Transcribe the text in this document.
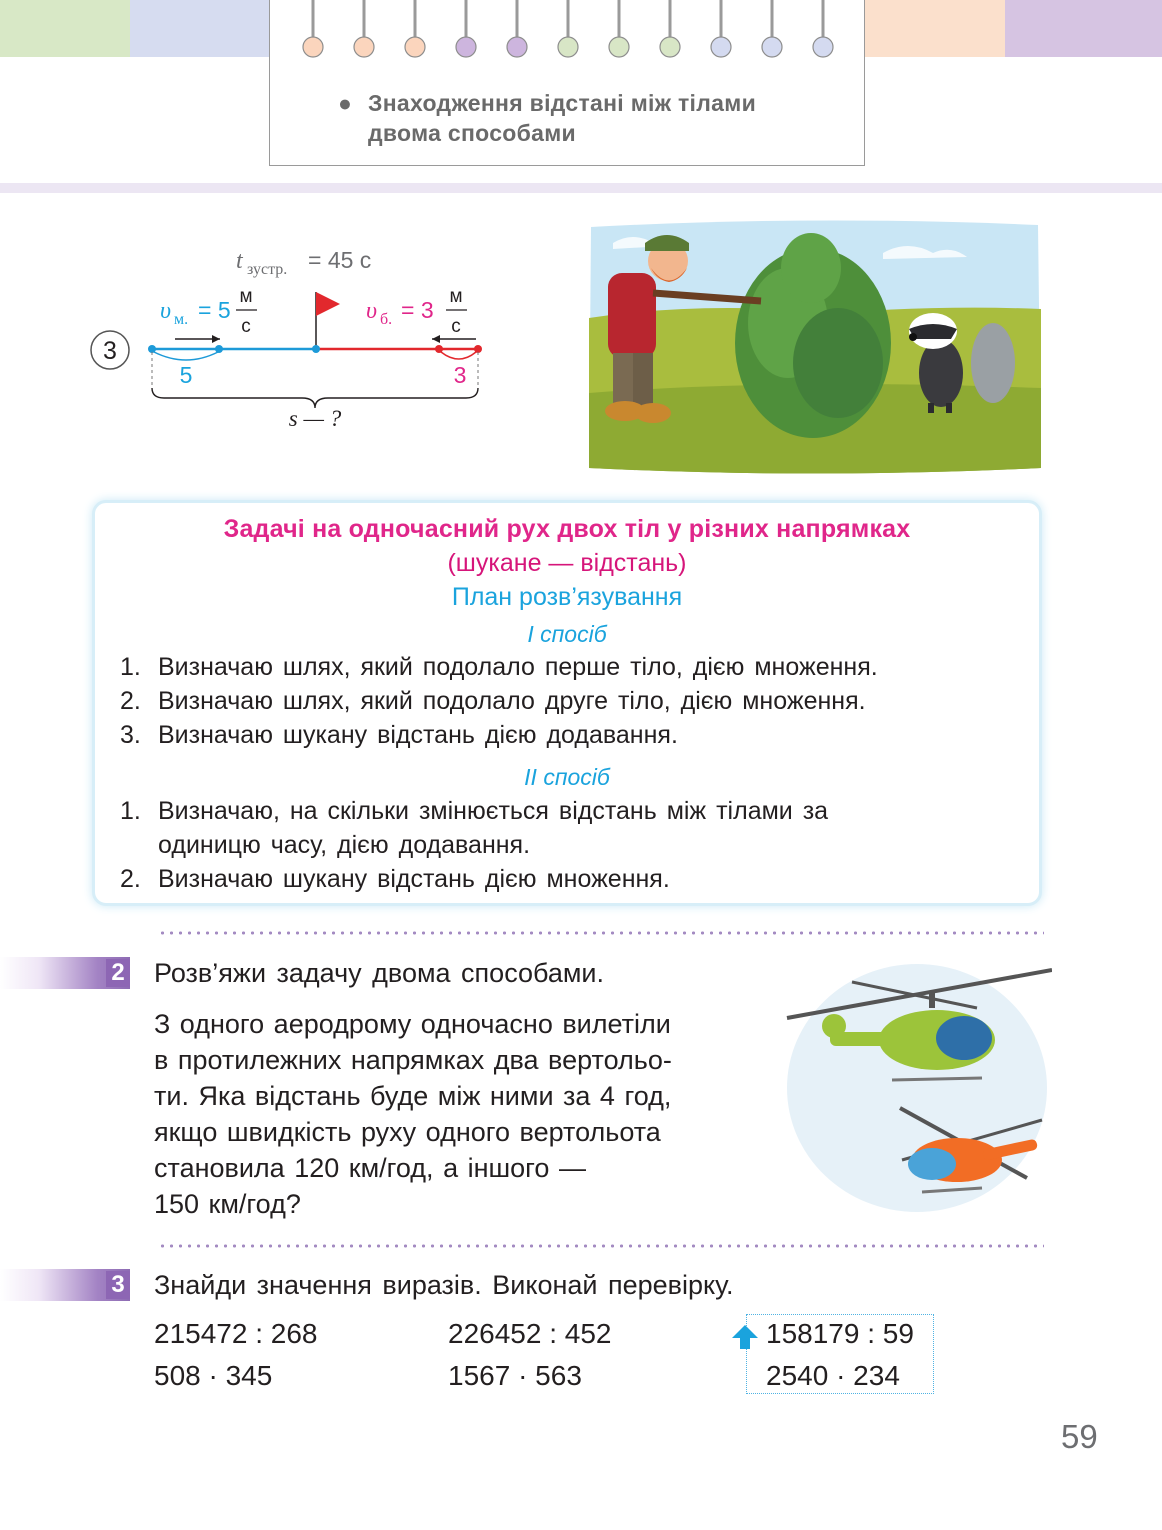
● Знаходження відстані між тілами
двома способами
3
t зустр. = 45 с
υ м. = 5
м
с
υ б. = 3
м
с
5	3
s — ?
Задачі на одночасний рух двох тіл у різних напрямках
(шукане — відстань)
План розв’язування
I спосіб
1. Визначаю шлях, який подолало перше тіло, дією множення.
2. Визначаю шлях, який подолало друге тіло, дією множення.
3. Визначаю шукану відстань дією додавання.
II спосіб
1. Визначаю, на скільки змінюється відстань між тілами за
одиницю часу, дією додавання.
2. Визначаю шукану відстань дією множення.
2 Розв’яжи задачу двома способами.
З одного аеродрому одночасно вилетіли
в протилежних напрямках два вертольо-
ти. Яка відстань буде між ними за 4 год,
якщо швидкість руху одного вертольота
становила 120 км/год, а іншого —
150 км/год?
3 Знайди значення виразів. Виконай перевірку.
215472 : 268	226452 : 452	158179 : 59
508 · 345	1567 · 563	2540 · 234
59
